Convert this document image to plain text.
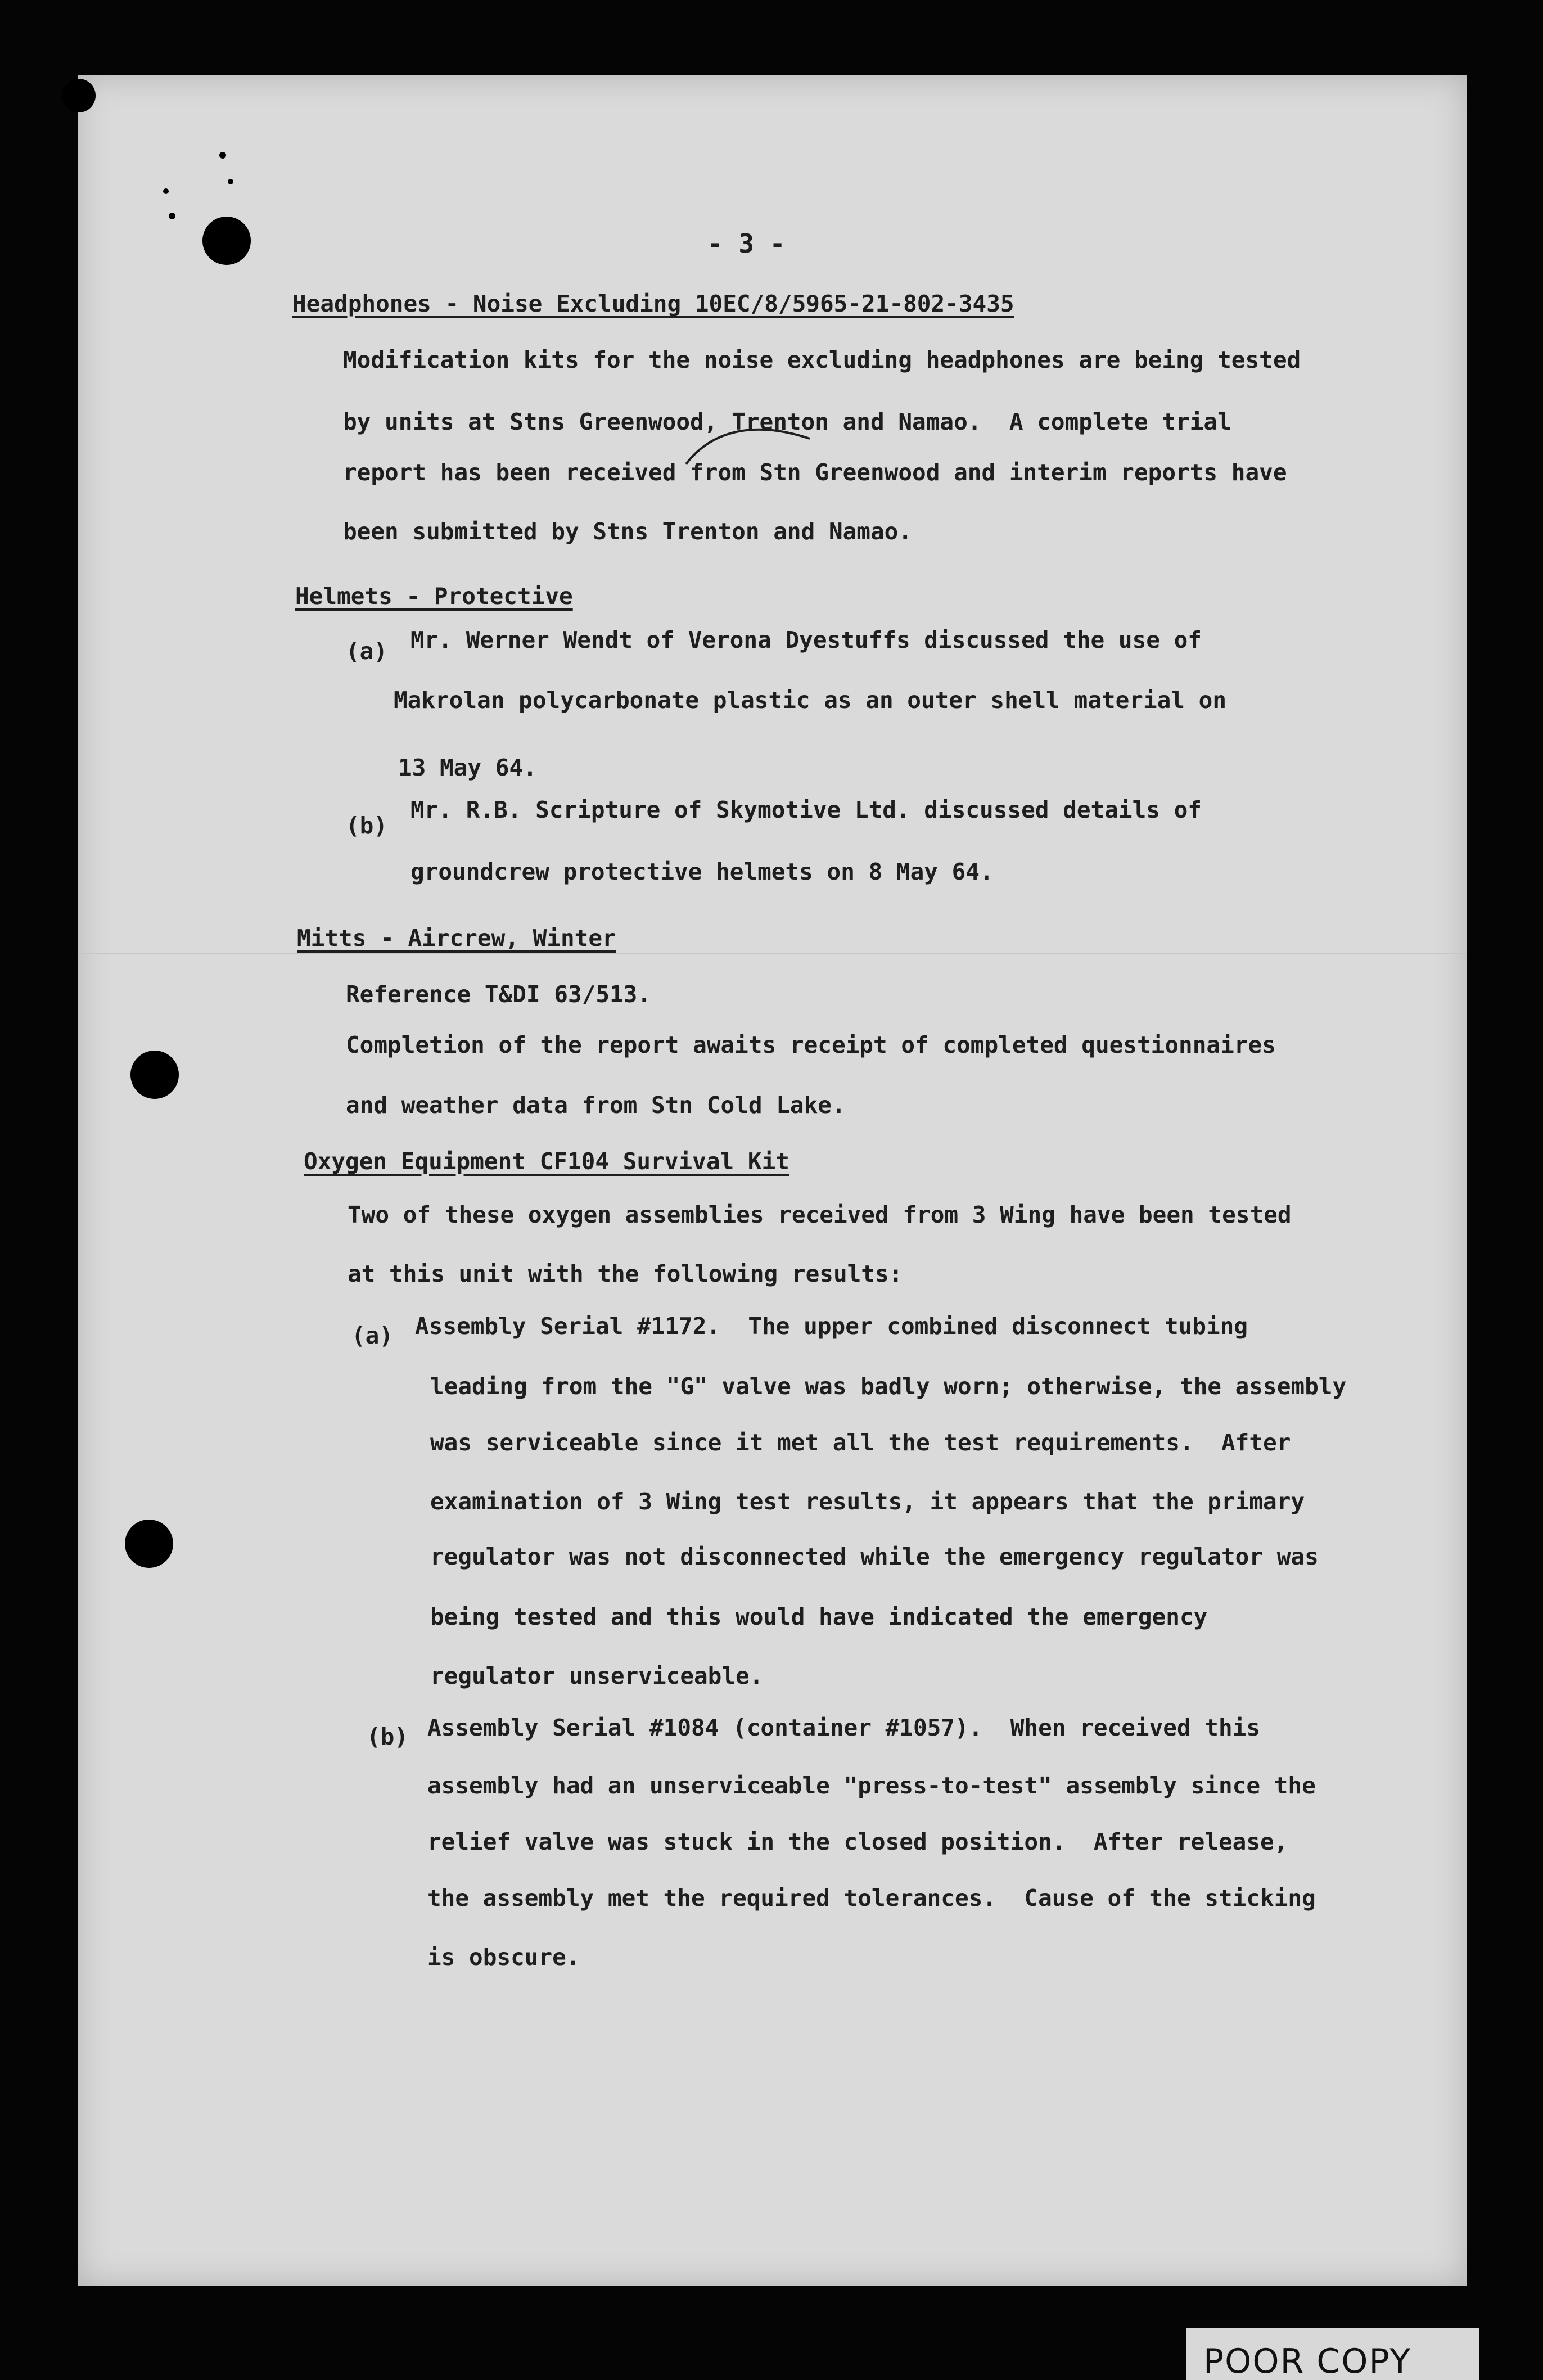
- 3 -
Headphones - Noise Excluding 10EC/8/5965-21-802-3435
Modification kits for the noise excluding headphones are being tested
by units at Stns Greenwood, Trenton and Namao.  A complete trial
report has been received from Stn Greenwood and interim reports have
been submitted by Stns Trenton and Namao.
Helmets - Protective
(a) Mr. Werner Wendt of Verona Dyestuffs discussed the use of
Makrolan polycarbonate plastic as an outer shell material on
13 May 64.
(b)
Mr. R.B. Scripture of Skymotive Ltd. discussed details of
groundcrew protective helmets on 8 May 64.
Mitts - Aircrew, Winter
Reference T&DI 63/513.
Completion of the report awaits receipt of completed questionnaires
and weather data from Stn Cold Lake.
Oxygen Equipment CF104 Survival Kit
Two of these oxygen assemblies received from 3 Wing have been tested
at this unit with the following results:
(a) Assembly Serial #1172.  The upper combined disconnect tubing
leading from the "G" valve was badly worn; otherwise, the assembly
was serviceable since it met all the test requirements.  After
examination of 3 Wing test results, it appears that the primary
regulator was not disconnected while the emergency regulator was
being tested and this would have indicated the emergency
regulator unserviceable.
(b) Assembly Serial #1084 (container #1057).  When received this
assembly had an unserviceable "press-to-test" assembly since the
relief valve was stuck in the closed position.  After release,
the assembly met the required tolerances.  Cause of the sticking
is obscure.
POOR COPY
